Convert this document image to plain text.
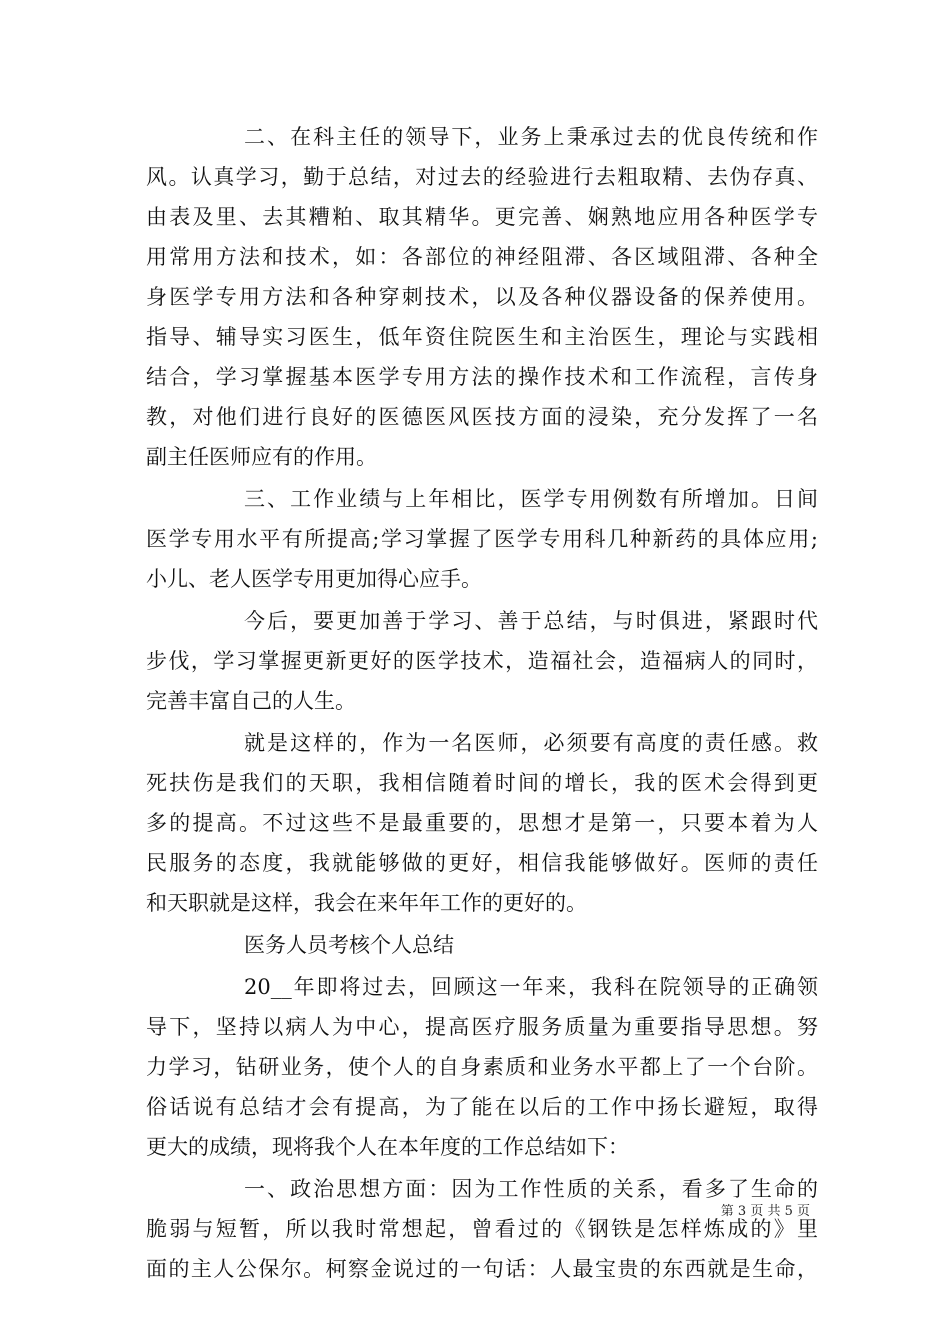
二、在科主任的领导下，业务上秉承过去的优良传统和作
风。认真学习，勤于总结，对过去的经验进行去粗取精、去伪存真、
由表及里、去其糟粕、取其精华。更完善、娴熟地应用各种医学专
用常用方法和技术，如：各部位的神经阻滞、各区域阻滞、各种全
身医学专用方法和各种穿刺技术，以及各种仪器设备的保养使用。
指导、辅导实习医生，低年资住院医生和主治医生，理论与实践相
结合，学习掌握基本医学专用方法的操作技术和工作流程，言传身
教，对他们进行良好的医德医风医技方面的浸染，充分发挥了一名
副主任医师应有的作用。
三、工作业绩与上年相比，医学专用例数有所增加。日间
医学专用水平有所提高;学习掌握了医学专用科几种新药的具体应用;
小儿、老人医学专用更加得心应手。
今后，要更加善于学习、善于总结，与时俱进，紧跟时代
步伐，学习掌握更新更好的医学技术，造福社会，造福病人的同时，
完善丰富自己的人生。
就是这样的，作为一名医师，必须要有高度的责任感。救
死扶伤是我们的天职，我相信随着时间的增长，我的医术会得到更
多的提高。不过这些不是最重要的，思想才是第一，只要本着为人
民服务的态度，我就能够做的更好，相信我能够做好。医师的责任
和天职就是这样，我会在来年年工作的更好的。
医务人员考核个人总结
20__年即将过去，回顾这一年来，我科在院领导的正确领
导下，坚持以病人为中心，提高医疗服务质量为重要指导思想。努
力学习，钻研业务，使个人的自身素质和业务水平都上了一个台阶。
俗话说有总结才会有提高，为了能在以后的工作中扬长避短，取得
更大的成绩，现将我个人在本年度的工作总结如下：
一、政治思想方面：因为工作性质的关系，看多了生命的
脆弱与短暂，所以我时常想起，曾看过的《钢铁是怎样炼成的》里
面的主人公保尔。柯察金说过的一句话：人最宝贵的东西就是生命，
第 3 页 共 5 页
